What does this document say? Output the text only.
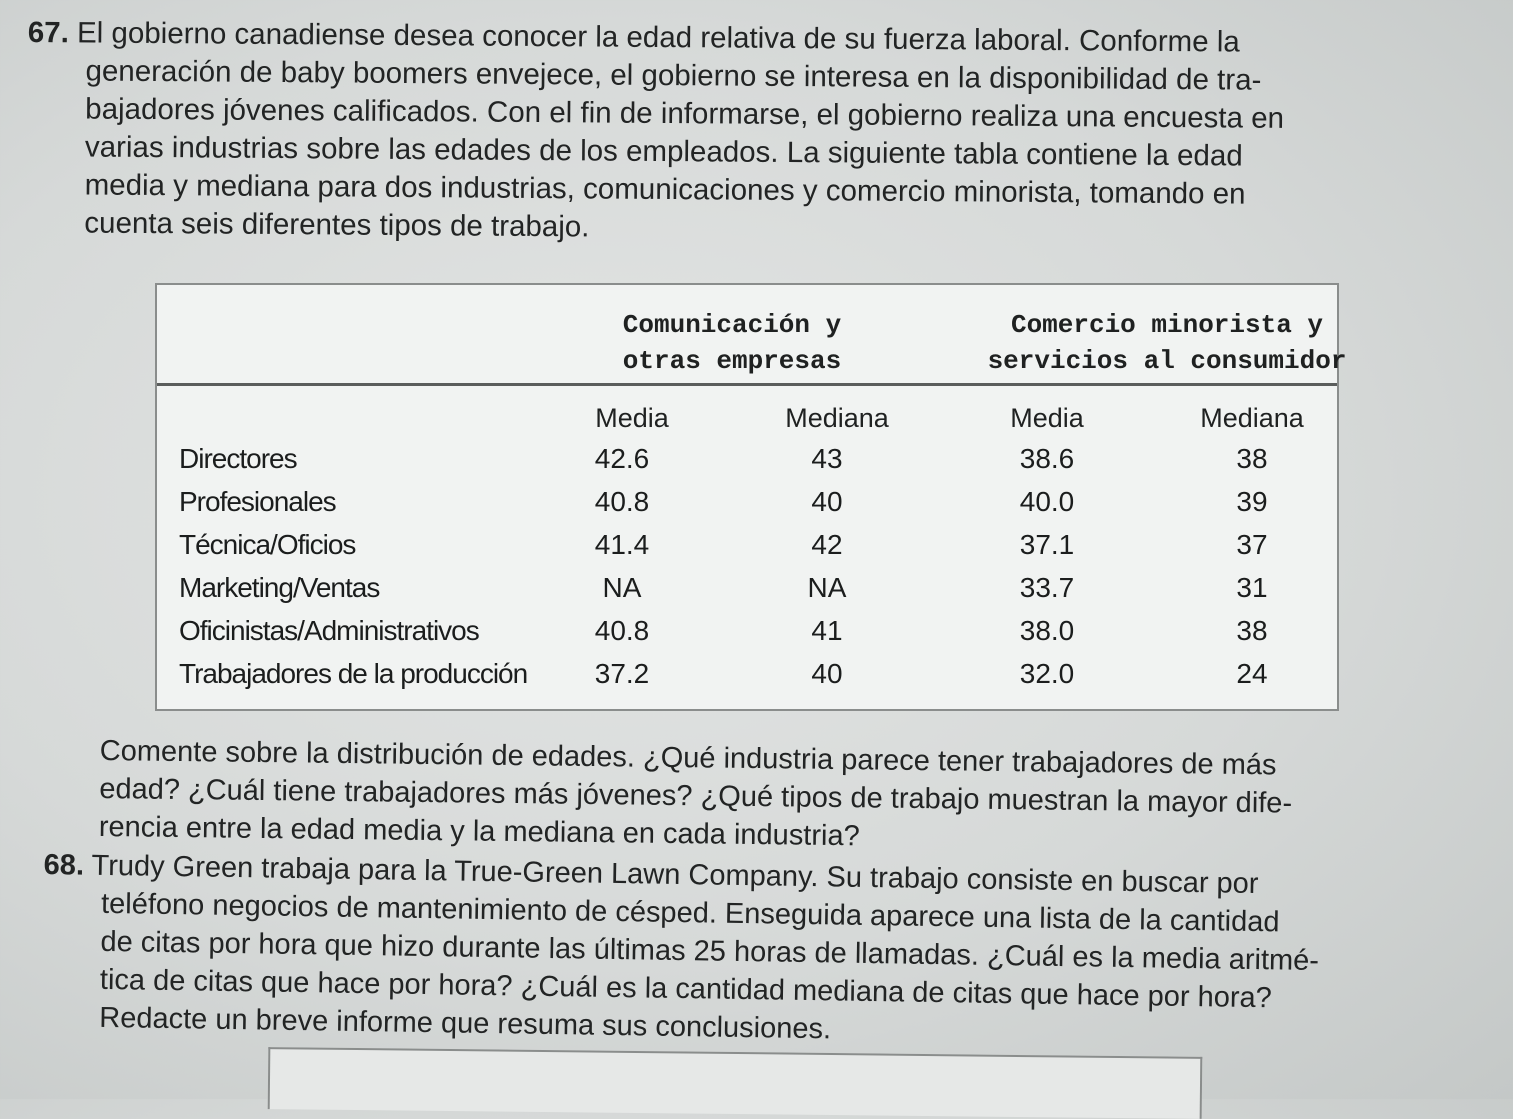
67. El gobierno canadiense desea conocer la edad relativa de su fuerza laboral. Conforme la
generación de baby boomers envejece, el gobierno se interesa en la disponibilidad de tra-
bajadores jóvenes calificados. Con el fin de informarse, el gobierno realiza una encuesta en
varias industrias sobre las edades de los empleados. La siguiente tabla contiene la edad
media y mediana para dos industrias, comunicaciones y comercio minorista, tomando en
cuenta seis diferentes tipos de trabajo.
Comunicación y
otras empresas
Comercio minorista y
servicios al consumidor
Media	Mediana	Media	Mediana
Directores	42.6	43	38.6	38
Profesionales	40.8	40	40.0	39
Técnica/Oficios	41.4	42	37.1	37
Marketing/Ventas	NA	NA	33.7	31
Oficinistas/Administrativos	40.8	41	38.0	38
Trabajadores de la producción	37.2	40	32.0	24
Comente sobre la distribución de edades. ¿Qué industria parece tener trabajadores de más
edad? ¿Cuál tiene trabajadores más jóvenes? ¿Qué tipos de trabajo muestran la mayor dife-
rencia entre la edad media y la mediana en cada industria?
68. Trudy Green trabaja para la True-Green Lawn Company. Su trabajo consiste en buscar por
teléfono negocios de mantenimiento de césped. Enseguida aparece una lista de la cantidad
de citas por hora que hizo durante las últimas 25 horas de llamadas. ¿Cuál es la media aritmé-
tica de citas que hace por hora? ¿Cuál es la cantidad mediana de citas que hace por hora?
Redacte un breve informe que resuma sus conclusiones.
